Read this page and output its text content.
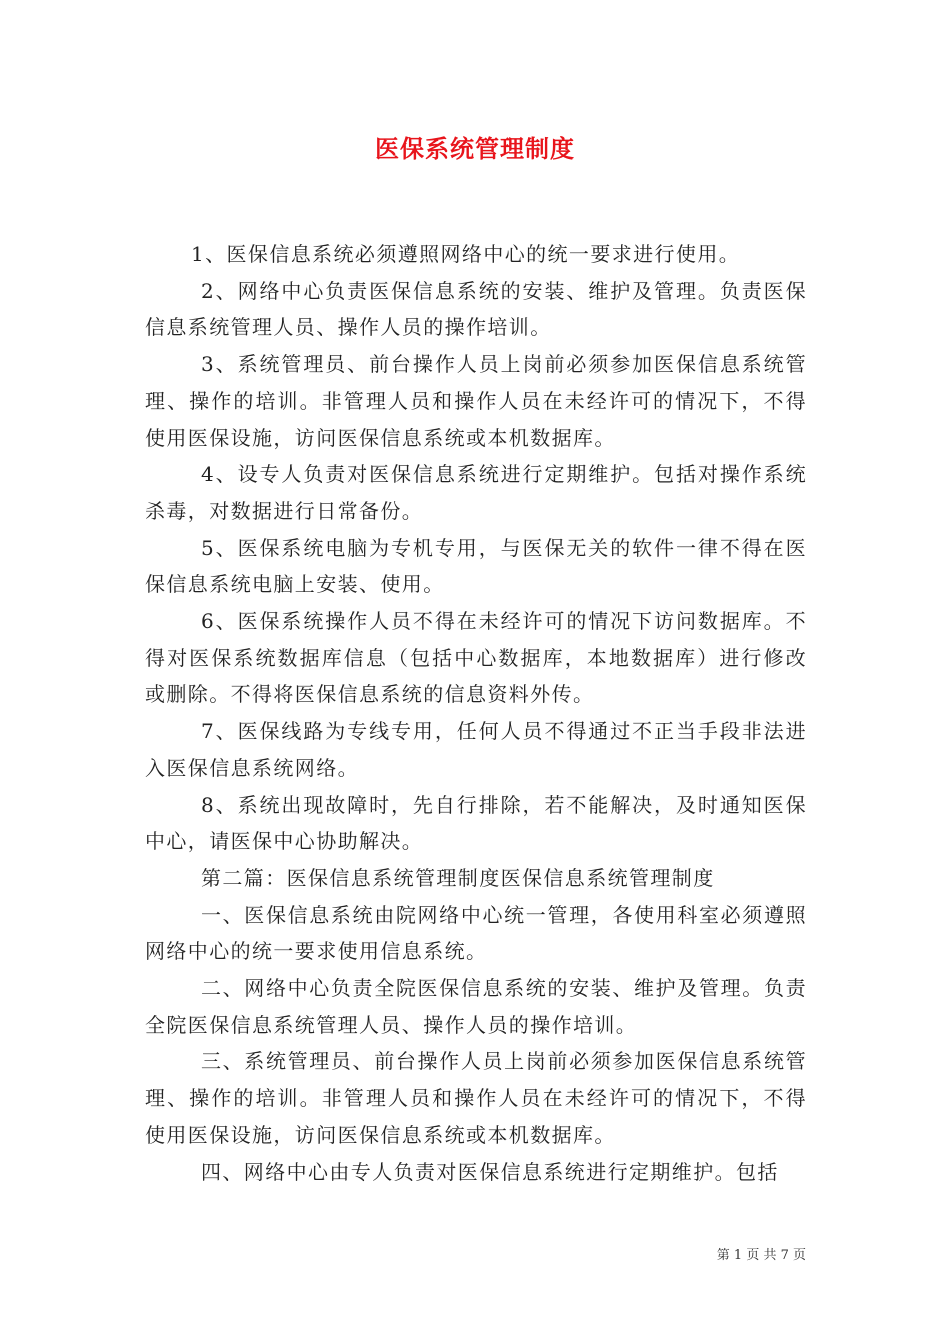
医保系统管理制度

1、医保信息系统必须遵照网络中心的统一要求进行使用。

2、网络中心负责医保信息系统的安装、维护及管理。负责医保信息系统管理人员、操作人员的操作培训。

3、系统管理员、前台操作人员上岗前必须参加医保信息系统管理、操作的培训。非管理人员和操作人员在未经许可的情况下，不得使用医保设施，访问医保信息系统或本机数据库。

4、设专人负责对医保信息系统进行定期维护。包括对操作系统杀毒，对数据进行日常备份。

5、医保系统电脑为专机专用，与医保无关的软件一律不得在医保信息系统电脑上安装、使用。

6、医保系统操作人员不得在未经许可的情况下访问数据库。不得对医保系统数据库信息（包括中心数据库，本地数据库）进行修改或删除。不得将医保信息系统的信息资料外传。

7、医保线路为专线专用，任何人员不得通过不正当手段非法进入医保信息系统网络。

8、系统出现故障时，先自行排除，若不能解决，及时通知医保中心，请医保中心协助解决。

第二篇：医保信息系统管理制度医保信息系统管理制度

一、医保信息系统由院网络中心统一管理，各使用科室必须遵照网络中心的统一要求使用信息系统。

二、网络中心负责全院医保信息系统的安装、维护及管理。负责全院医保信息系统管理人员、操作人员的操作培训。

三、系统管理员、前台操作人员上岗前必须参加医保信息系统管理、操作的培训。非管理人员和操作人员在未经许可的情况下，不得使用医保设施，访问医保信息系统或本机数据库。

四、网络中心由专人负责对医保信息系统进行定期维护。包括

第 1 页 共 7 页
